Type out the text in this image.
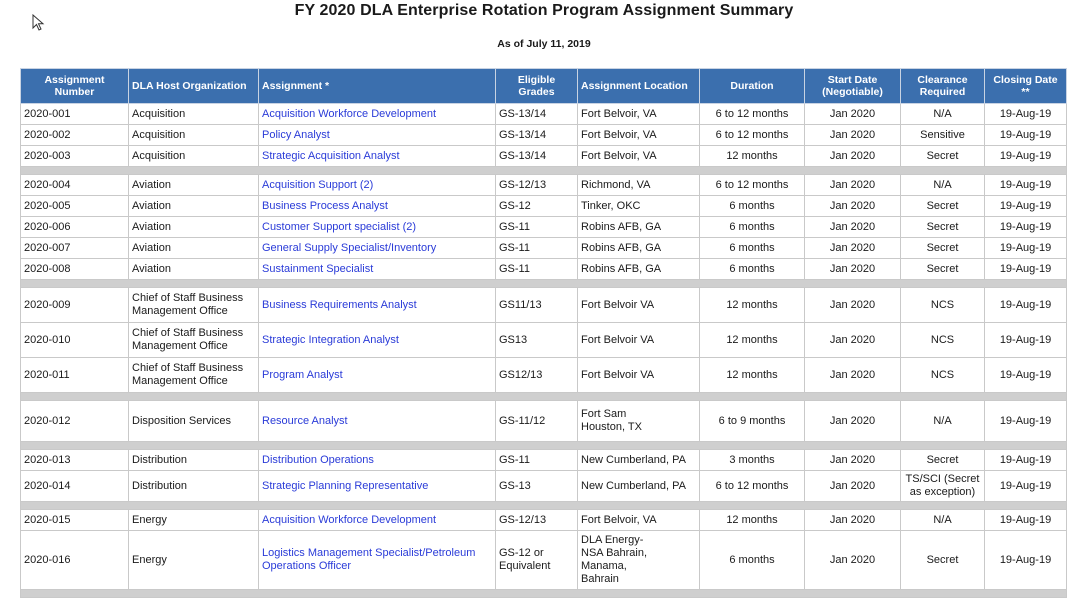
FY 2020 DLA Enterprise Rotation Program Assignment Summary
As of July 11, 2019
Assignment Number	DLA Host Organization	Assignment *	Eligible Grades	Assignment Location	Duration	Start Date (Negotiable)	Clearance Required	Closing Date **
2020-001	Acquisition	Acquisition Workforce Development	GS-13/14	Fort Belvoir, VA	6 to 12 months	Jan 2020	N/A	19-Aug-19
2020-002	Acquisition	Policy Analyst	GS-13/14	Fort Belvoir, VA	6 to 12 months	Jan 2020	Sensitive	19-Aug-19
2020-003	Acquisition	Strategic Acquisition Analyst	GS-13/14	Fort Belvoir, VA	12 months	Jan 2020	Secret	19-Aug-19

2020-004	Aviation	Acquisition Support (2)	GS-12/13	Richmond, VA	6 to 12 months	Jan 2020	N/A	19-Aug-19
2020-005	Aviation	Business Process Analyst	GS-12	Tinker, OKC	6 months	Jan 2020	Secret	19-Aug-19
2020-006	Aviation	Customer Support specialist (2)	GS-11	Robins AFB, GA	6 months	Jan 2020	Secret	19-Aug-19
2020-007	Aviation	General Supply Specialist/Inventory	GS-11	Robins AFB, GA	6 months	Jan 2020	Secret	19-Aug-19
2020-008	Aviation	Sustainment Specialist	GS-11	Robins AFB, GA	6 months	Jan 2020	Secret	19-Aug-19

2020-009	Chief of Staff Business Management Office	Business Requirements Analyst	GS11/13	Fort Belvoir VA	12 months	Jan 2020	NCS	19-Aug-19
2020-010	Chief of Staff Business Management Office	Strategic Integration Analyst	GS13	Fort Belvoir VA	12 months	Jan 2020	NCS	19-Aug-19
2020-011	Chief of Staff Business Management Office	Program Analyst	GS12/13	Fort Belvoir VA	12 months	Jan 2020	NCS	19-Aug-19

2020-012	Disposition Services	Resource Analyst	GS-11/12	Fort Sam Houston, TX	6 to 9 months	Jan 2020	N/A	19-Aug-19

2020-013	Distribution	Distribution Operations	GS-11	New Cumberland, PA	3 months	Jan 2020	Secret	19-Aug-19
2020-014	Distribution	Strategic Planning Representative	GS-13	New Cumberland, PA	6 to 12 months	Jan 2020	TS/SCI (Secret as exception)	19-Aug-19

2020-015	Energy	Acquisition Workforce Development	GS-12/13	Fort Belvoir, VA	12 months	Jan 2020	N/A	19-Aug-19
2020-016	Energy	Logistics Management Specialist/Petroleum Operations Officer	GS-12 or Equivalent	DLA Energy-NSA Bahrain, Manama, Bahrain	6 months	Jan 2020	Secret	19-Aug-19
